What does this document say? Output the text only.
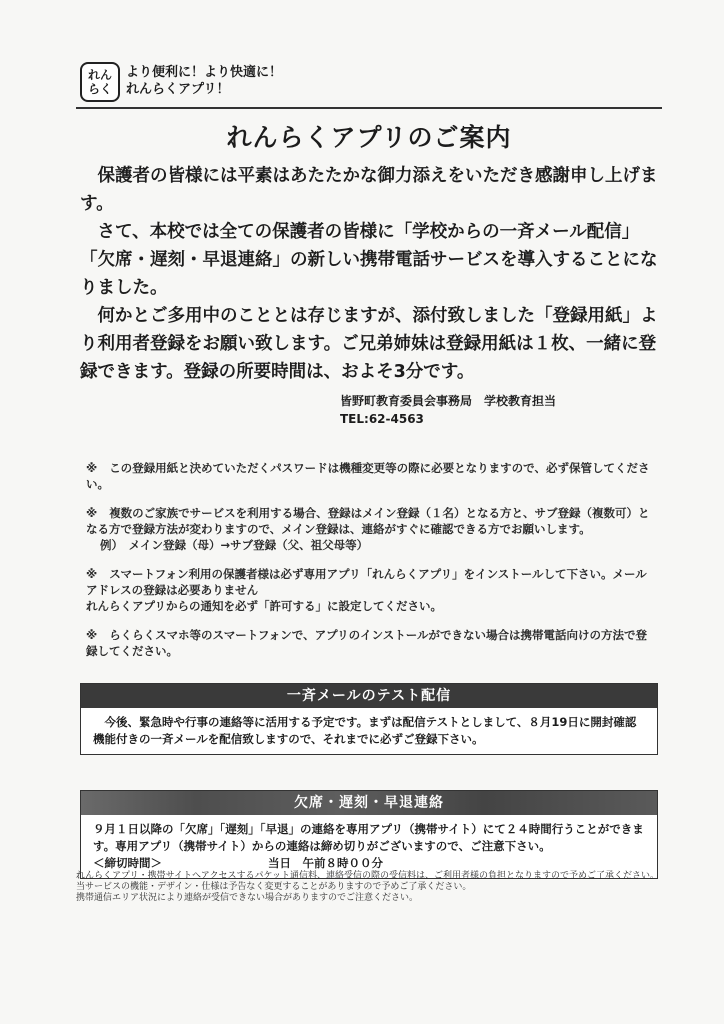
れん
らく
より便利に！より快適に！
れんらくアプリ！
れんらくアプリのご案内

保護者の皆様には平素はあたたかな御力添えをいただき感謝申し上げます。

さて、本校では全ての保護者の皆様に「学校からの一斉メール配信」「欠席・遅刻・早退連絡」の新しい携帯電話サービスを導入することになりました。

何かとご多用中のこととは存じますが、添付致しました「登録用紙」より利用者登録をお願い致します。ご兄弟姉妹は登録用紙は１枚、一緒に登録できます。登録の所要時間は、およそ3分です。

皆野町教育委員会事務局　学校教育担当
TEL:62-4563
※ この登録用紙と決めていただくパスワードは機種変更等の際に必要となりますので、必ず保管してください。
※ 複数のご家族でサービスを利用する場合、登録はメイン登録（１名）となる方と、サブ登録（複数可）となる方で登録方法が変わりますので、メイン登録は、連絡がすぐに確認できる方でお願いします。
例）　メイン登録（母）→サブ登録（父、祖父母等）
※ スマートフォン利用の保護者様は必ず専用アプリ「れんらくアプリ」をインストールして下さい。メールアドレスの登録は必要ありません
れんらくアプリからの通知を必ず「許可する」に設定してください。
※ らくらくスマホ等のスマートフォンで、アプリのインストールができない場合は携帯電話向けの方法で登録してください。
一斉メールのテスト配信
今後、緊急時や行事の連絡等に活用する予定です。まずは配信テストとしまして、８月19日に開封確認機能付きの一斉メールを配信致しますので、それまでに必ずご登録下さい。
欠席・遅刻・早退連絡
９月１日以降の「欠席」「遅刻」「早退」の連絡を専用アプリ（携帯サイト）にて２４時間行うことができます。専用アプリ（携帯サイト）からの連絡は締め切りがございますので、ご注意下さい。
＜締切時間＞	当日　午前８時００分
れんらくアプリ・携帯サイトへアクセスするパケット通信料、連絡受信の際の受信料は、ご利用者様の負担となりますので予めご了承ください。
当サービスの機能・デザイン・仕様は予告なく変更することがありますので予めご了承ください。
携帯通信エリア状況により連絡が受信できない場合がありますのでご注意ください。
